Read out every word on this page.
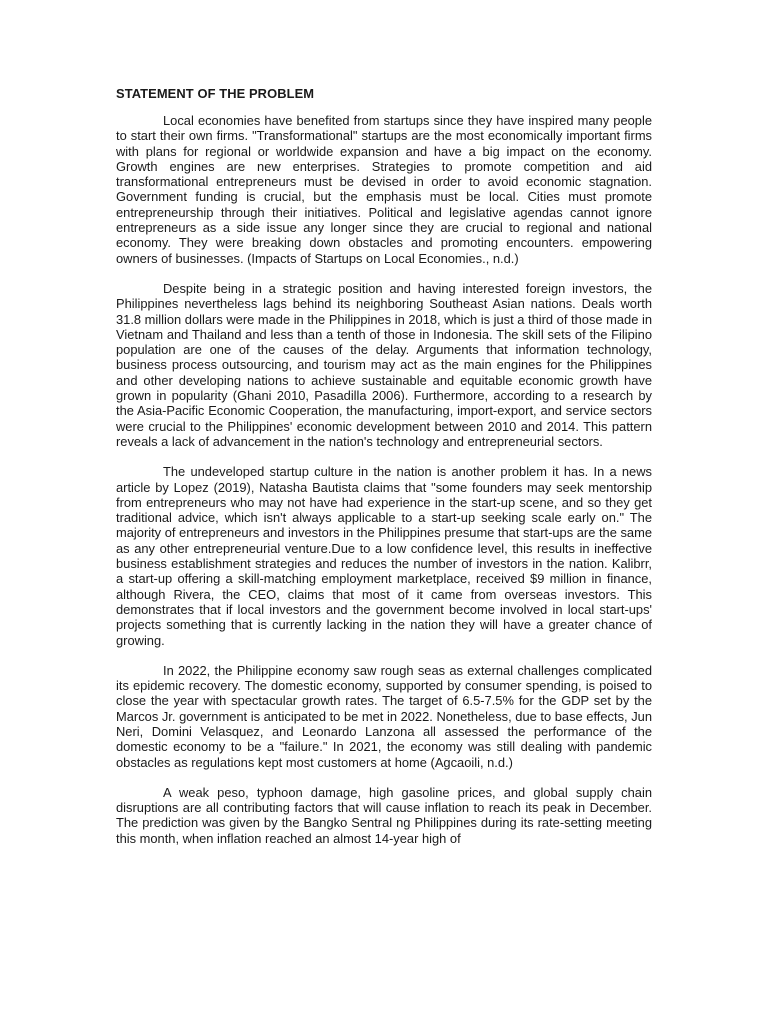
STATEMENT OF THE PROBLEM

Local economies have benefited from startups since they have inspired many people to start their own firms. "Transformational" startups are the most economically important firms with plans for regional or worldwide expansion and have a big impact on the economy. Growth engines are new enterprises. Strategies to promote competition and aid transformational entrepreneurs must be devised in order to avoid economic stagnation. Government funding is crucial, but the emphasis must be local. Cities must promote entrepreneurship through their initiatives. Political and legislative agendas cannot ignore entrepreneurs as a side issue any longer since they are crucial to regional and national economy. They were breaking down obstacles and promoting encounters. empowering owners of businesses. (Impacts of Startups on Local Economies., n.d.)

Despite being in a strategic position and having interested foreign investors, the Philippines nevertheless lags behind its neighboring Southeast Asian nations. Deals worth 31.8 million dollars were made in the Philippines in 2018, which is just a third of those made in Vietnam and Thailand and less than a tenth of those in Indonesia. The skill sets of the Filipino population are one of the causes of the delay. Arguments that information technology, business process outsourcing, and tourism may act as the main engines for the Philippines and other developing nations to achieve sustainable and equitable economic growth have grown in popularity (Ghani 2010, Pasadilla 2006). Furthermore, according to a research by the Asia-Pacific Economic Cooperation, the manufacturing, import-export, and service sectors were crucial to the Philippines' economic development between 2010 and 2014. This pattern reveals a lack of advancement in the nation's technology and entrepreneurial sectors.

The undeveloped startup culture in the nation is another problem it has. In a news article by Lopez (2019), Natasha Bautista claims that "some founders may seek mentorship from entrepreneurs who may not have had experience in the start-up scene, and so they get traditional advice, which isn't always applicable to a start-up seeking scale early on." The majority of entrepreneurs and investors in the Philippines presume that start-ups are the same as any other entrepreneurial venture.Due to a low confidence level, this results in ineffective business establishment strategies and reduces the number of investors in the nation. Kalibrr, a start-up offering a skill-matching employment marketplace, received $9 million in finance, although Rivera, the CEO, claims that most of it came from overseas investors. This demonstrates that if local investors and the government become involved in local start-ups' projects something that is currently lacking in the nation they will have a greater chance of growing.

In 2022, the Philippine economy saw rough seas as external challenges complicated its epidemic recovery. The domestic economy, supported by consumer spending, is poised to close the year with spectacular growth rates. The target of 6.5-7.5% for the GDP set by the Marcos Jr. government is anticipated to be met in 2022. Nonetheless, due to base effects, Jun Neri, Domini Velasquez, and Leonardo Lanzona all assessed the performance of the domestic economy to be a "failure." In 2021, the economy was still dealing with pandemic obstacles as regulations kept most customers at home (Agcaoili, n.d.)

A weak peso, typhoon damage, high gasoline prices, and global supply chain disruptions are all contributing factors that will cause inflation to reach its peak in December. The prediction was given by the Bangko Sentral ng Philippines during its rate-setting meeting this month, when inflation reached an almost 14-year high of
